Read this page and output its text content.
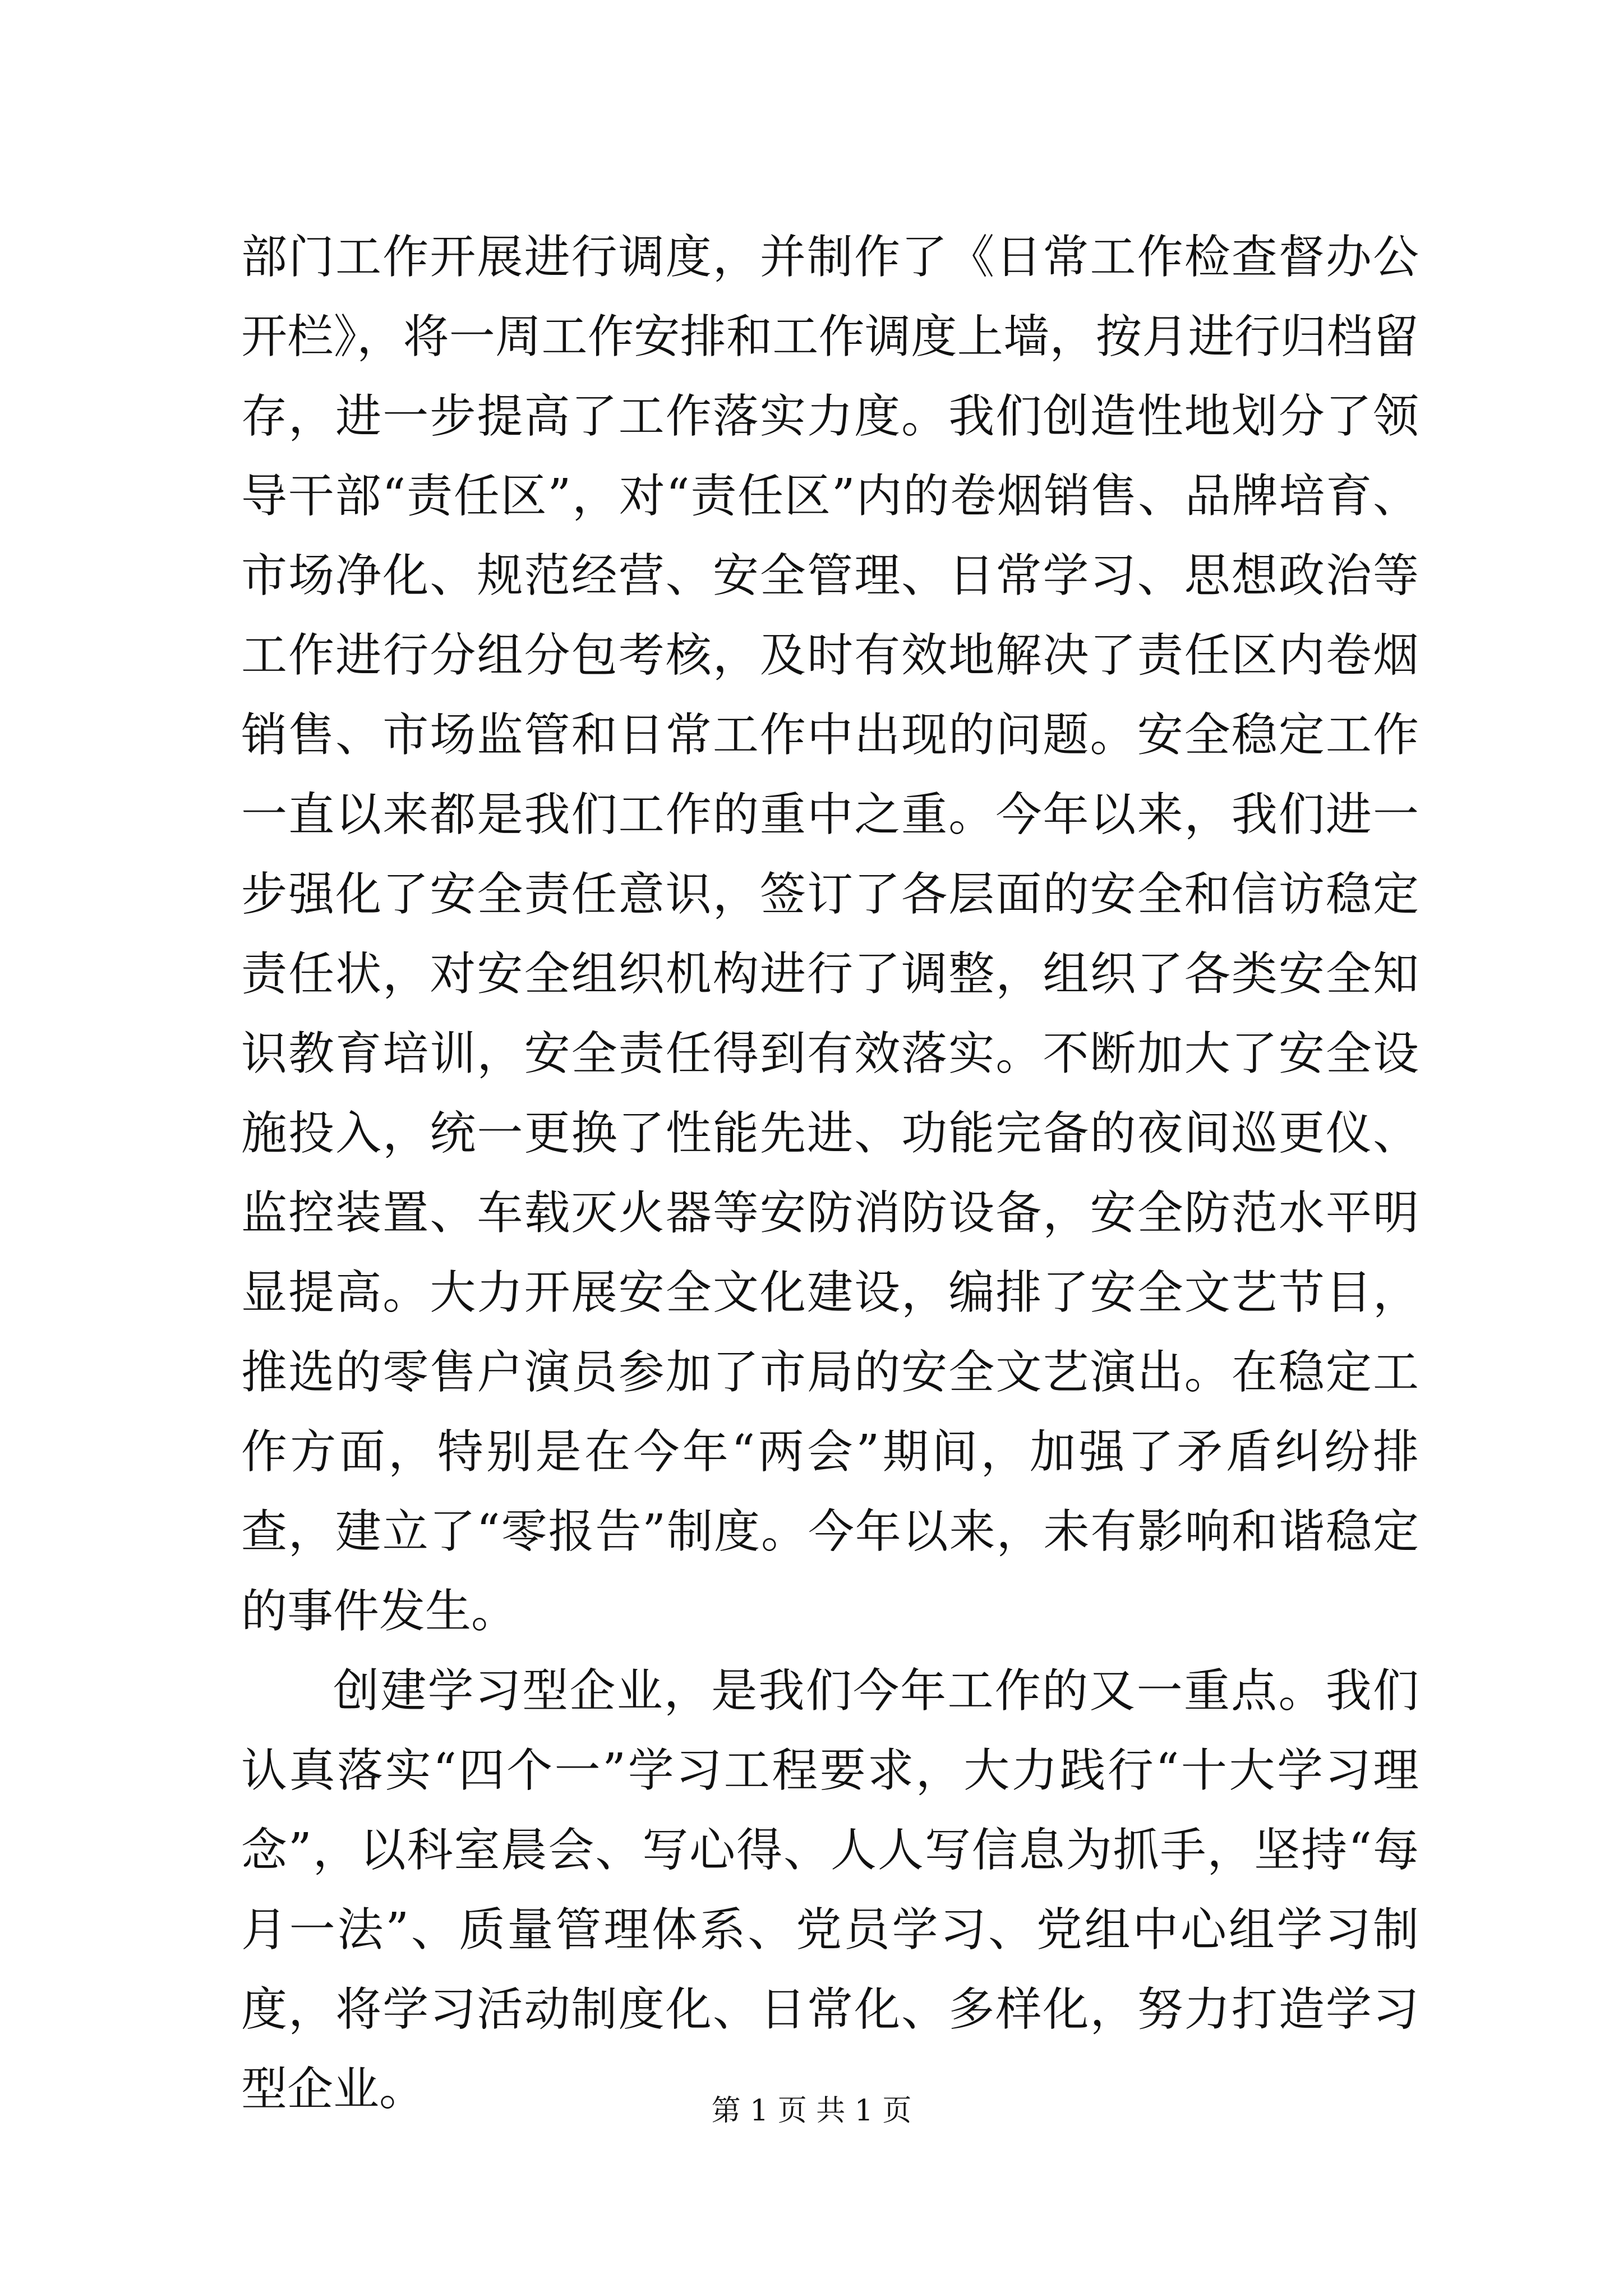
部门工作开展进行调度，并制作了《日常工作检查督办公开栏》，将一周工作安排和工作调度上墙，按月进行归档留存，进一步提高了工作落实力度。我们创造性地划分了领导干部“责任区”，对“责任区”内的卷烟销售、品牌培育、市场净化、规范经营、安全管理、日常学习、思想政治等工作进行分组分包考核，及时有效地解决了责任区内卷烟销售、市场监管和日常工作中出现的问题。安全稳定工作一直以来都是我们工作的重中之重。今年以来，我们进一步强化了安全责任意识，签订了各层面的安全和信访稳定责任状，对安全组织机构进行了调整，组织了各类安全知识教育培训，安全责任得到有效落实。不断加大了安全设施投入，统一更换了性能先进、功能完备的夜间巡更仪、监控装置、车载灭火器等安防消防设备，安全防范水平明显提高。大力开展安全文化建设，编排了安全文艺节目，推选的零售户演员参加了市局的安全文艺演出。在稳定工作方面，特别是在今年“两会”期间，加强了矛盾纠纷排查，建立了“零报告”制度。今年以来，未有影响和谐稳定的事件发生。

创建学习型企业，是我们今年工作的又一重点。我们认真落实“四个一”学习工程要求，大力践行“十大学习理念”，以科室晨会、写心得、人人写信息为抓手，坚持“每月一法”、质量管理体系、党员学习、党组中心组学习制度，将学习活动制度化、日常化、多样化，努力打造学习型企业。	第 1 页 共 1 页
